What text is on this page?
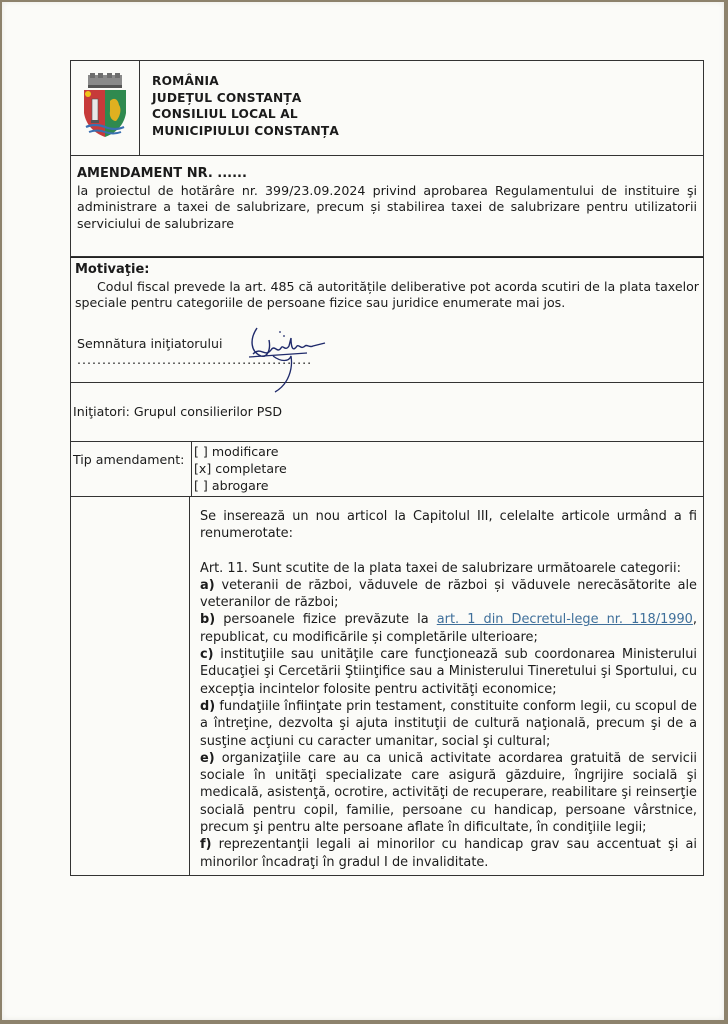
ROMÂNIA
JUDEȚUL CONSTANȚA
CONSILIUL LOCAL AL
MUNICIPIULUI CONSTANȚA
AMENDAMENT NR. ......
la proiectul de hotărâre nr. 399/23.09.2024 privind aprobarea Regulamentului de instituire şi administrare a taxei de salubrizare, precum și stabilirea taxei de salubrizare pentru utilizatorii serviciului de salubrizare
Motivaţie:

Codul fiscal prevede la art. 485 că autoritățile deliberative pot acorda scutiri de la plata taxelor speciale pentru categoriile de persoane fizice sau juridice enumerate mai jos.

Semnătura iniţiatorului
...............................................
Iniţiatori: Grupul consilierilor PSD
Tip amendament:
[ ] modificare
[x] completare
[ ] abrogare

Se inserează un nou articol la Capitolul III, celelalte articole urmând a fi renumerotate:

Art. 11. Sunt scutite de la plata taxei de salubrizare următoarele categorii:

a) veteranii de război, văduvele de război și văduvele nerecăsătorite ale veteranilor de război;

b) persoanele fizice prevăzute la art. 1 din Decretul-lege nr. 118/1990, republicat, cu modificările și completările ulterioare;

c) instituţiile sau unităţile care funcţionează sub coordonarea Ministerului Educaţiei şi Cercetării Ştiinţifice sau a Ministerului Tineretului şi Sportului, cu excepţia incintelor folosite pentru activităţi economice;

d) fundaţiile înfiinţate prin testament, constituite conform legii, cu scopul de a întreţine, dezvolta şi ajuta instituţii de cultură naţională, precum şi de a susţine acţiuni cu caracter umanitar, social şi cultural;

e) organizaţiile care au ca unică activitate acordarea gratuită de servicii sociale în unităţi specializate care asigură găzduire, îngrijire socială şi medicală, asistenţă, ocrotire, activităţi de recuperare, reabilitare şi reinserţie socială pentru copil, familie, persoane cu handicap, persoane vârstnice, precum şi pentru alte persoane aflate în dificultate, în condiţiile legii;

f) reprezentanţii legali ai minorilor cu handicap grav sau accentuat şi ai minorilor încadraţi în gradul I de invaliditate.
